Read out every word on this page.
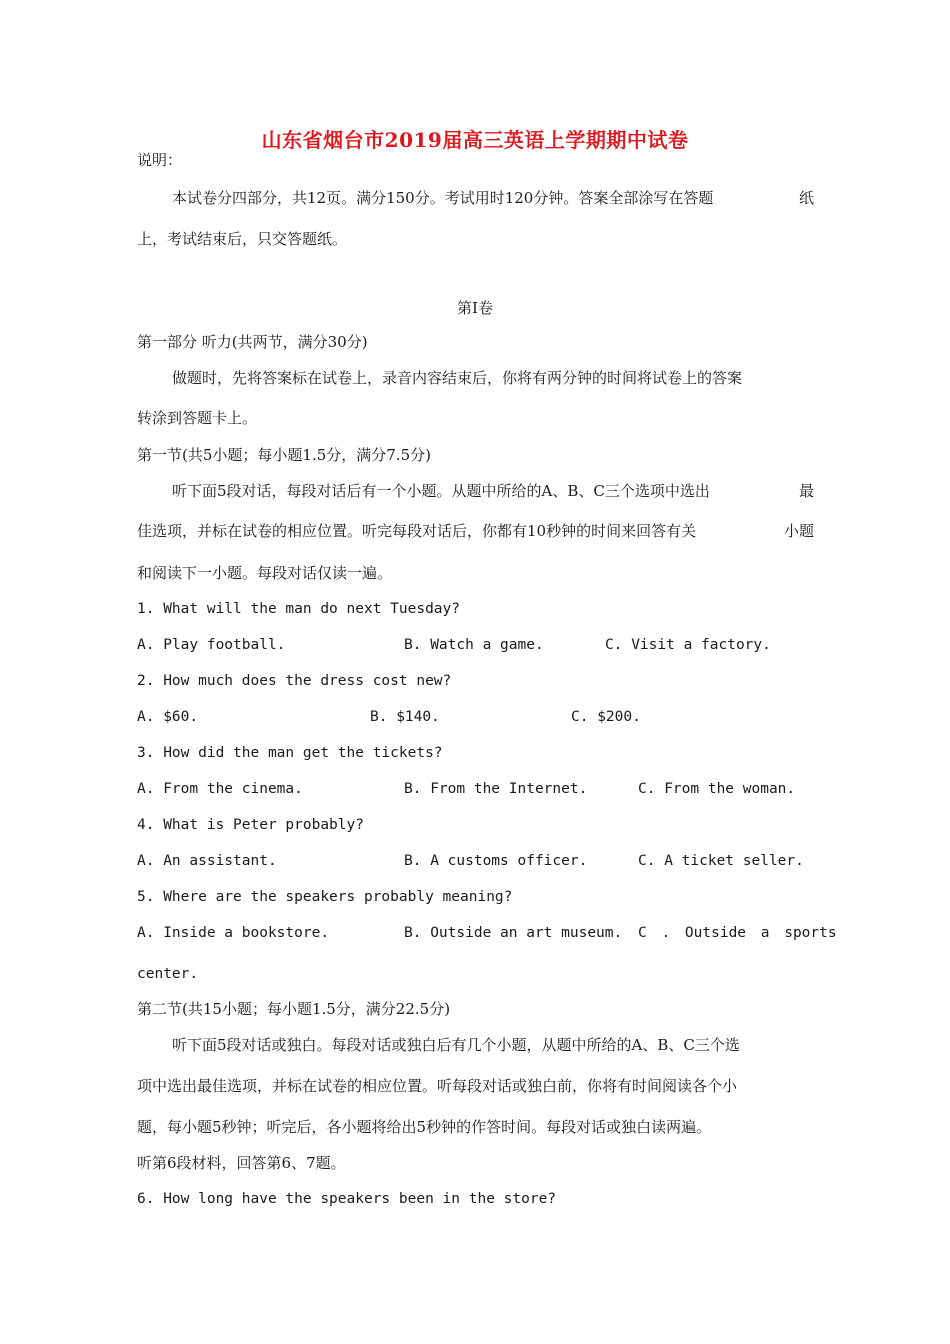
山东省烟台市2019届高三英语上学期期中试卷
说明：
本试卷分四部分，共12页。满分150分。考试用时120分钟。答案全部涂写在答题	纸
上，考试结束后，只交答题纸。
第I卷
第一部分 听力(共两节，满分30分)
做题时，先将答案标在试卷上，录音内容结束后，你将有两分钟的时间将试卷上的答案
转涂到答题卡上。
第一节(共5小题；每小题1.5分，满分7.5分)
听下面5段对话，每段对话后有一个小题。从题中所给的A、B、C三个选项中选出	最
佳选项，并标在试卷的相应位置。听完每段对话后，你都有10秒钟的时间来回答有关	小题
和阅读下一小题。每段对话仅读一遍。
1. What will the man do next Tuesday?
A. Play football.	B. Watch a game.	C. Visit a factory.
2. How much does the dress cost new?
A. $60.	B. $140.	C. $200.
3. How did the man get the tickets?
A. From the cinema.	B. From the Internet.	C. From the woman.
4. What is Peter probably?
A. An assistant.	B. A customs officer.	C. A ticket seller.
5. Where are the speakers probably meaning?
A. Inside a bookstore.	B. Outside an art museum. C . Outside a sports
center.
第二节(共15小题；每小题1.5分，满分22.5分)
听下面5段对话或独白。每段对话或独白后有几个小题，从题中所给的A、B、C三个选
项中选出最佳选项，并标在试卷的相应位置。听每段对话或独白前，你将有时间阅读各个小
题，每小题5秒钟；听完后，各小题将给出5秒钟的作答时间。每段对话或独白读两遍。
听第6段材料，回答第6、7题。
6. How long have the speakers been in the store?
